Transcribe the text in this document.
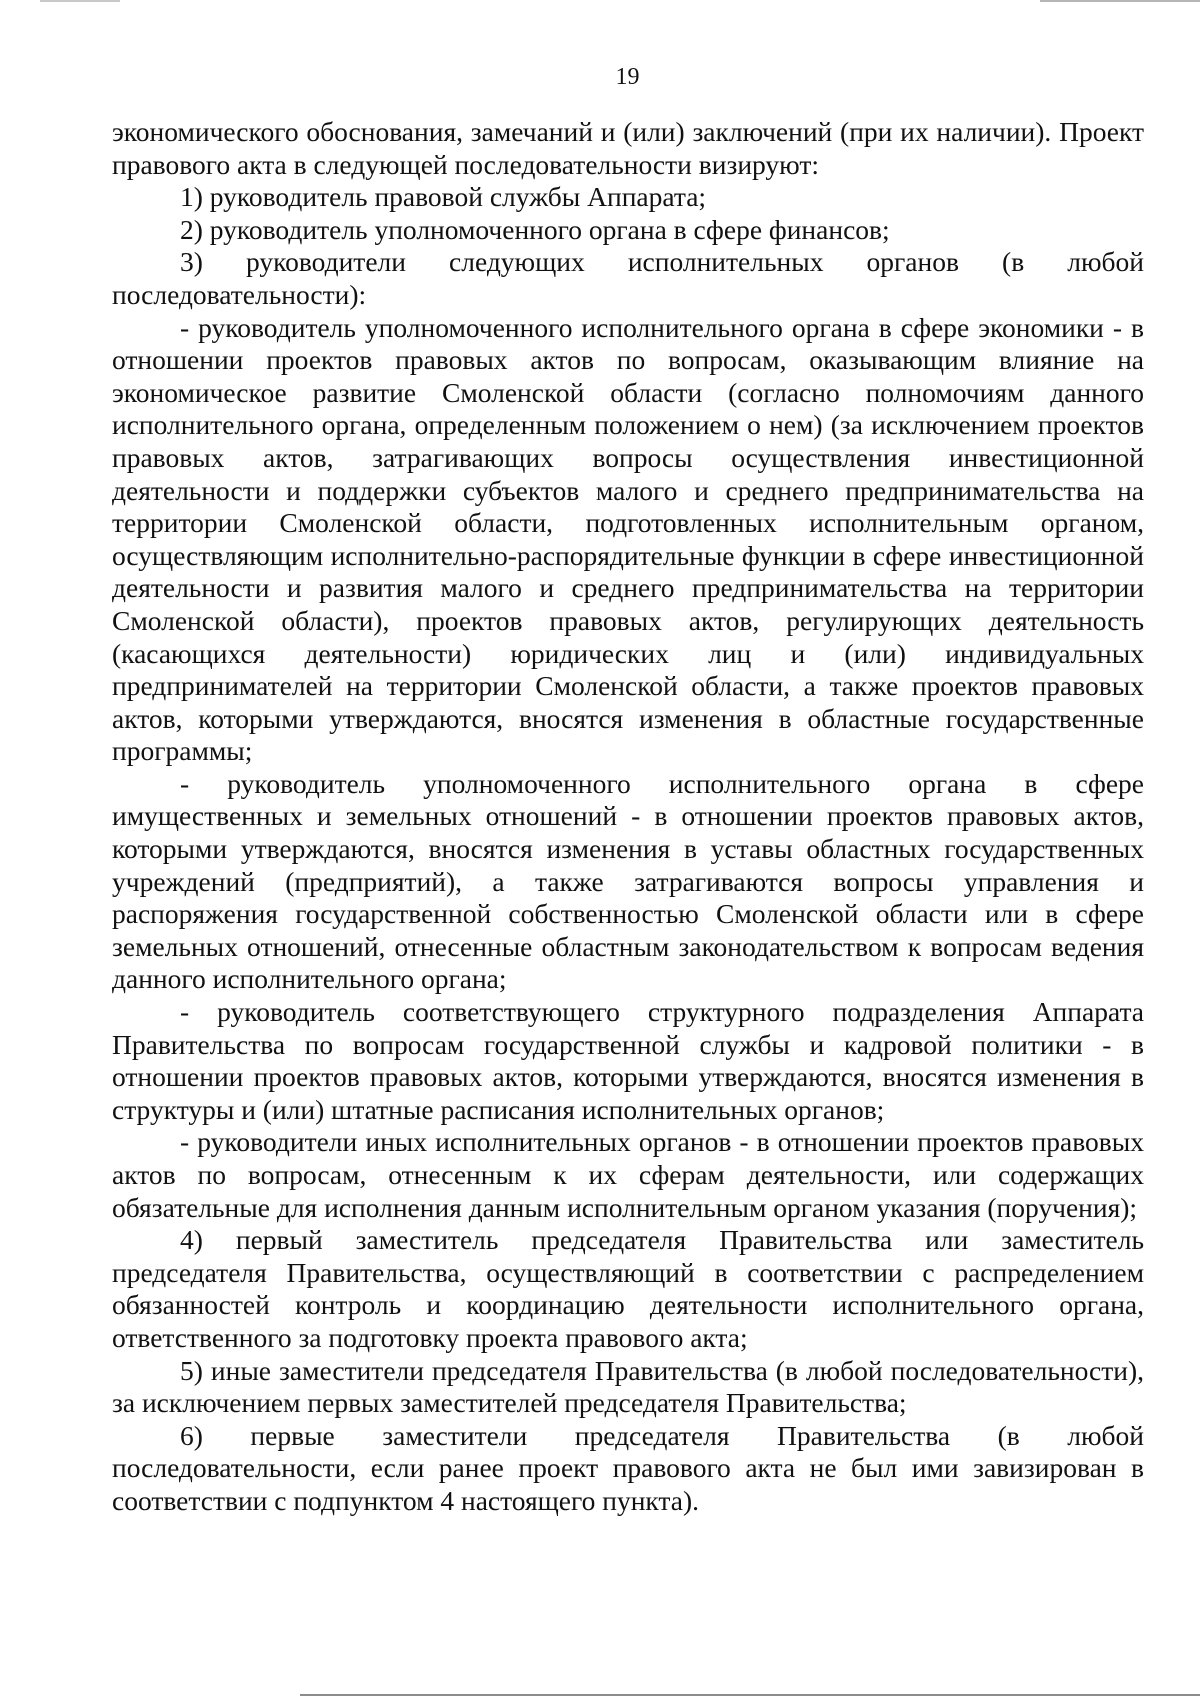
19

экономического обоснования, замечаний и (или) заключений (при их наличии). Проект правового акта в следующей последовательности визируют:

1) руководитель правовой службы Аппарата;

2) руководитель уполномоченного органа в сфере финансов;

3) руководители следующих исполнительных органов (в любой последовательности):

- руководитель уполномоченного исполнительного органа в сфере экономики - в отношении проектов правовых актов по вопросам, оказывающим влияние на экономическое развитие Смоленской области (согласно полномочиям данного исполнительного органа, определенным положением о нем) (за исключением проектов правовых актов, затрагивающих вопросы осуществления инвестиционной деятельности и поддержки субъектов малого и среднего предпринимательства на территории Смоленской области, подготовленных исполнительным органом, осуществляющим исполнительно-распорядительные функции в сфере инвестиционной деятельности и развития малого и среднего предпринимательства на территории Смоленской области), проектов правовых актов, регулирующих деятельность (касающихся деятельности) юридических лиц и (или) индивидуальных предпринимателей на территории Смоленской области, а также проектов правовых актов, которыми утверждаются, вносятся изменения в областные государственные программы;

- руководитель уполномоченного исполнительного органа в сфере имущественных и земельных отношений - в отношении проектов правовых актов, которыми утверждаются, вносятся изменения в уставы областных государственных учреждений (предприятий), а также затрагиваются вопросы управления и распоряжения государственной собственностью Смоленской области или в сфере земельных отношений, отнесенные областным законодательством к вопросам ведения данного исполнительного органа;

- руководитель соответствующего структурного подразделения Аппарата Правительства по вопросам государственной службы и кадровой политики - в отношении проектов правовых актов, которыми утверждаются, вносятся изменения в структуры и (или) штатные расписания исполнительных органов;

- руководители иных исполнительных органов - в отношении проектов правовых актов по вопросам, отнесенным к их сферам деятельности, или содержащих обязательные для исполнения данным исполнительным органом указания (поручения);

4) первый заместитель председателя Правительства или заместитель председателя Правительства, осуществляющий в соответствии с распределением обязанностей контроль и координацию деятельности исполнительного органа, ответственного за подготовку проекта правового акта;

5) иные заместители председателя Правительства (в любой последовательности), за исключением первых заместителей председателя Правительства;

6) первые заместители председателя Правительства (в любой последовательности, если ранее проект правового акта не был ими завизирован в соответствии с подпунктом 4 настоящего пункта).
